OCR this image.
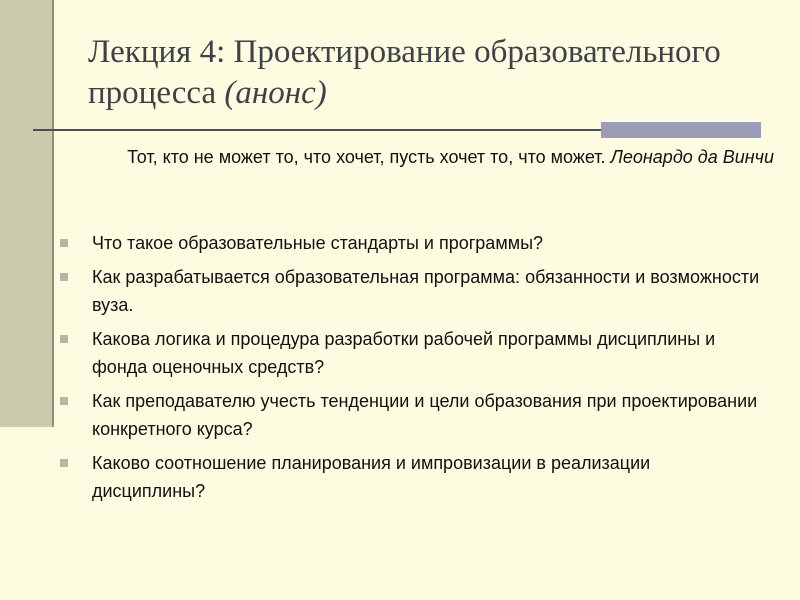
Лекция 4: Проектирование образовательного процесса (анонс)

Тот, кто не может то, что хочет, пусть хочет то, что может. Леонардо да Винчи

Что такое образовательные стандарты и программы?
Как разрабатывается образовательная программа: обязанности и возможности вуза.
Какова логика и процедура разработки рабочей программы дисциплины и фонда оценочных средств?
Как преподавателю учесть тенденции и цели образования при проектировании конкретного курса?
Каково соотношение планирования и импровизации в реализации дисциплины?
